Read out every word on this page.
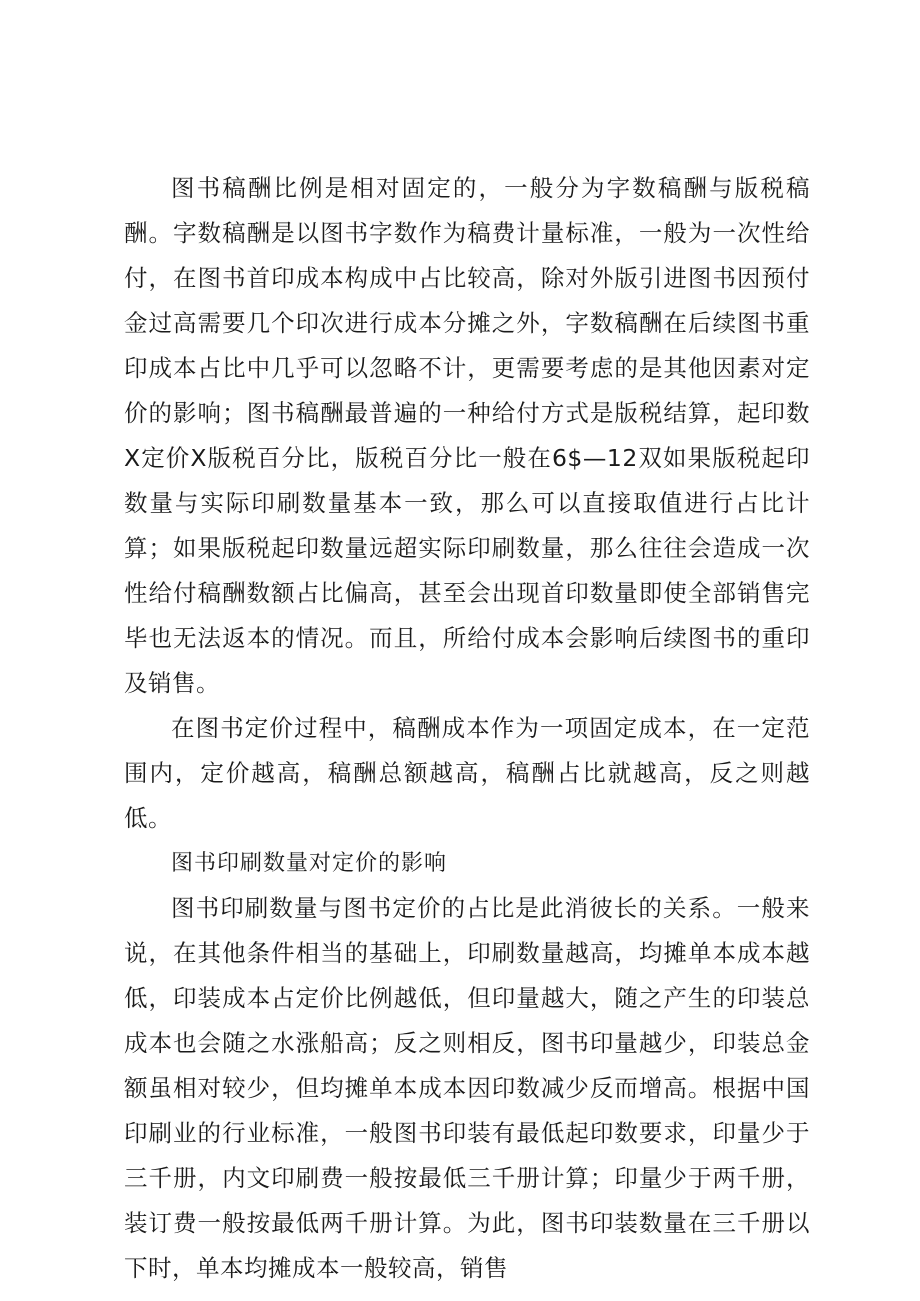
图书稿酬比例是相对固定的，一般分为字数稿酬与版税稿酬。字数稿酬是以图书字数作为稿费计量标准，一般为一次性给付，在图书首印成本构成中占比较高，除对外版引进图书因预付金过高需要几个印次进行成本分摊之外，字数稿酬在后续图书重印成本占比中几乎可以忽略不计，更需要考虑的是其他因素对定价的影响；图书稿酬最普遍的一种给付方式是版税结算，起印数X定价X版税百分比，版税百分比一般在6$—12双如果版税起印数量与实际印刷数量基本一致，那么可以直接取值进行占比计算；如果版税起印数量远超实际印刷数量，那么往往会造成一次性给付稿酬数额占比偏高，甚至会出现首印数量即使全部销售完毕也无法返本的情况。而且，所给付成本会影响后续图书的重印及销售。

在图书定价过程中，稿酬成本作为一项固定成本，在一定范围内，定价越高，稿酬总额越高，稿酬占比就越高，反之则越低。

图书印刷数量对定价的影响

图书印刷数量与图书定价的占比是此消彼长的关系。一般来说，在其他条件相当的基础上，印刷数量越高，均摊单本成本越低，印装成本占定价比例越低，但印量越大，随之产生的印装总成本也会随之水涨船高；反之则相反，图书印量越少，印装总金额虽相对较少，但均摊单本成本因印数减少反而增高。根据中国印刷业的行业标准，一般图书印装有最低起印数要求，印量少于三千册，内文印刷费一般按最低三千册计算；印量少于两千册，装订费一般按最低两千册计算。为此，图书印装数量在三千册以下时，单本均摊成本一般较高，销售
